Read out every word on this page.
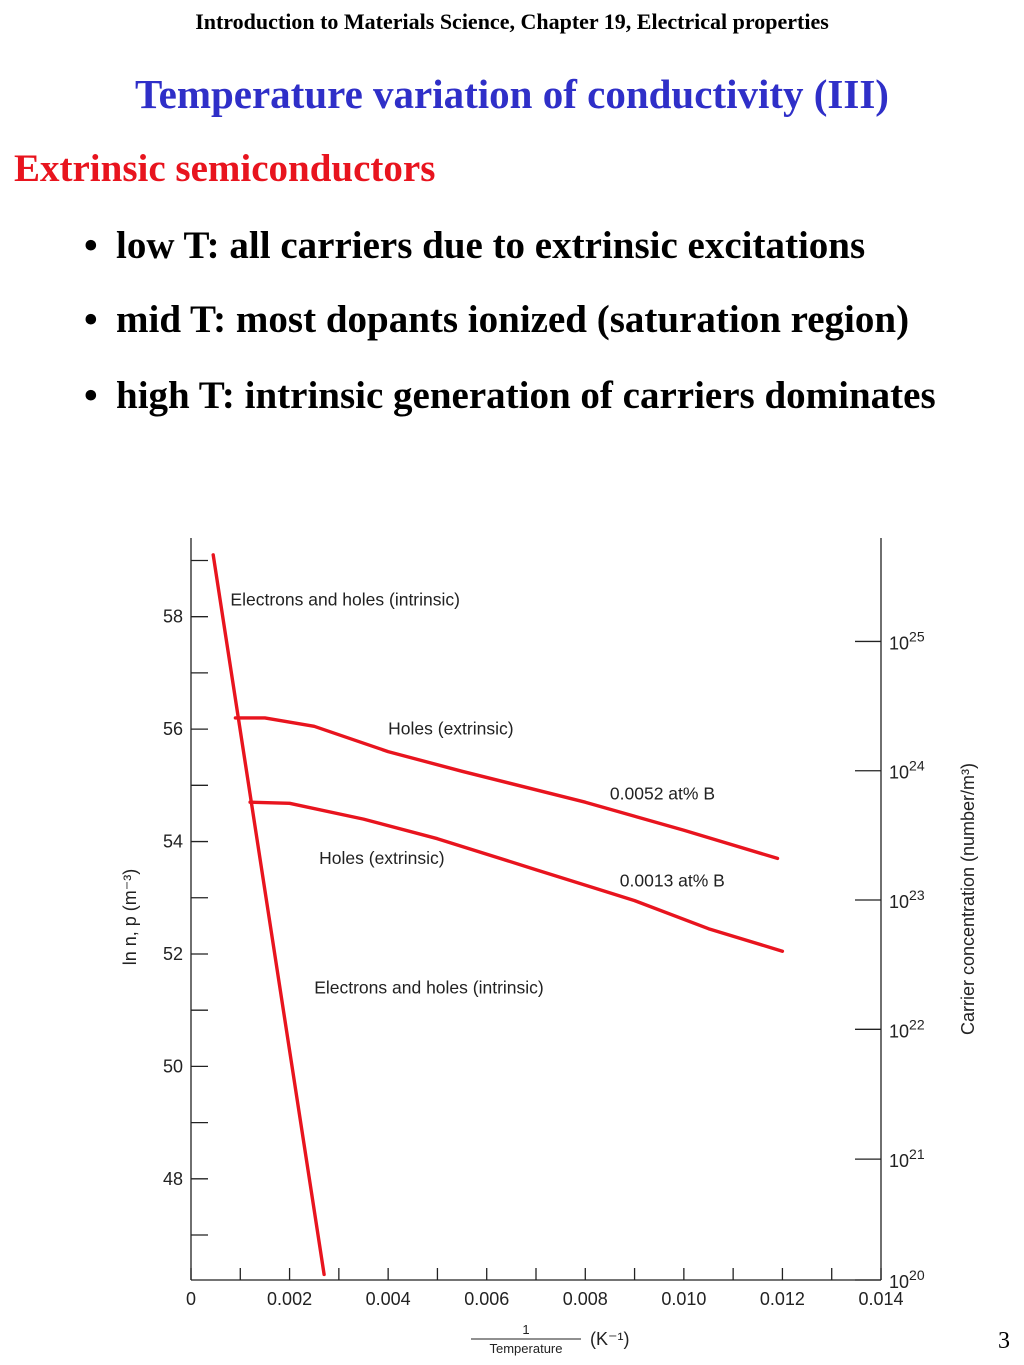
Introduction to Materials Science, Chapter 19, Electrical properties
Temperature variation of conductivity (III)
Extrinsic semiconductors
• low T: all carriers due to extrinsic excitations
• mid T: most dopants ionized (saturation region)
• high T: intrinsic generation of carriers dominates
0	0.002	0.004	0.006	0.008	0.010	0.012	0.014
48
50
52
54
56
58
$10^{20}$
$10^{21}$
$10^{22}$
$10^{23}$
$10^{24}$
$10^{25}$
Electrons and holes (intrinsic)
Holes (extrinsic)
0.0052 at% B
Holes (extrinsic)
0.0013 at% B
Electrons and holes (intrinsic)
ln n, p (m⁻³)	Carrier concentration (number/m³)
1
Temperature (K⁻¹)	3
